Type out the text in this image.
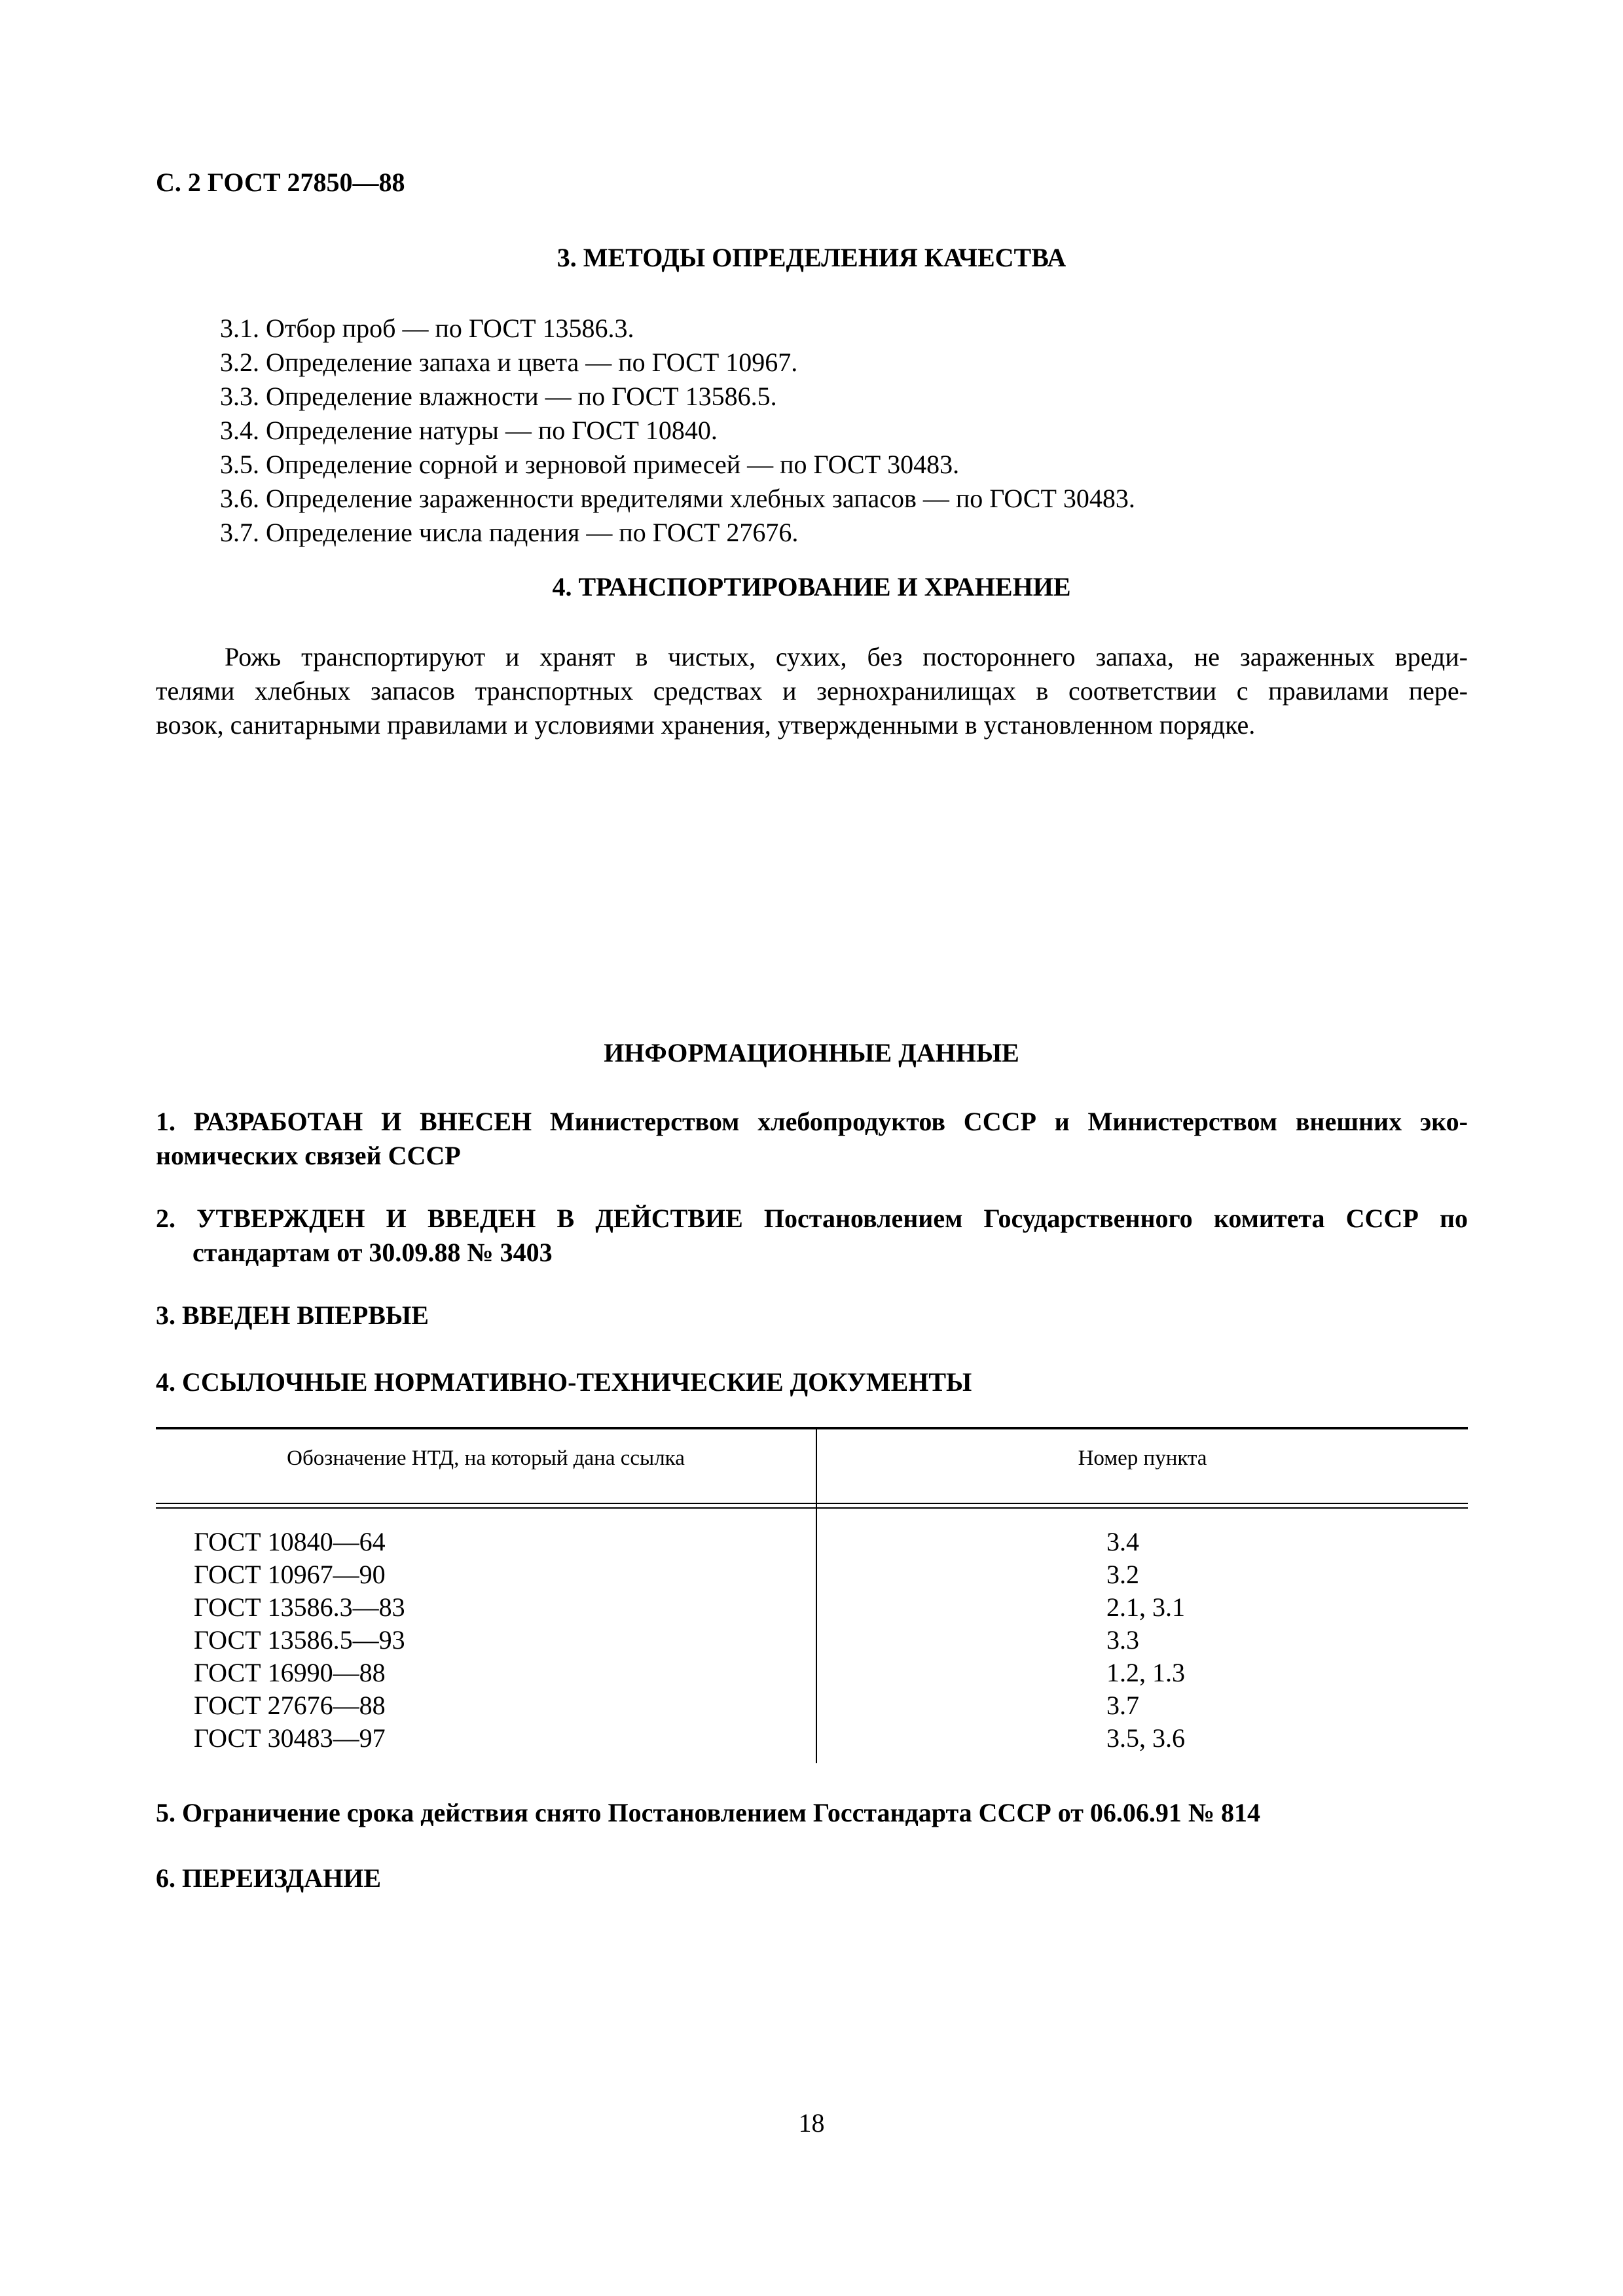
С. 2 ГОСТ 27850—88
3. МЕТОДЫ ОПРЕДЕЛЕНИЯ КАЧЕСТВА
3.1. Отбор проб — по ГОСТ 13586.3.
3.2. Определение запаха и цвета — по ГОСТ 10967.
3.3. Определение влажности — по ГОСТ 13586.5.
3.4. Определение натуры — по ГОСТ 10840.
3.5. Определение сорной и зерновой примесей — по ГОСТ 30483.
3.6. Определение зараженности вредителями хлебных запасов — по ГОСТ 30483.
3.7. Определение числа падения — по ГОСТ 27676.
4. ТРАНСПОРТИРОВАНИЕ И ХРАНЕНИЕ
Рожь транспортируют и хранят в чистых, сухих, без постороннего запаха, не зараженных вреди-
телями хлебных запасов транспортных средствах и зернохранилищах в соответствии с правилами пере-
возок, санитарными правилами и условиями хранения, утвержденными в установленном порядке.
ИНФОРМАЦИОННЫЕ ДАННЫЕ
1. РАЗРАБОТАН И ВНЕСЕН Министерством хлебопродуктов СССР и Министерством внешних эко-
номических связей СССР
2. УТВЕРЖДЕН И ВВЕДЕН В ДЕЙСТВИЕ Постановлением Государственного комитета СССР по
стандартам от 30.09.88 № 3403
3. ВВЕДЕН ВПЕРВЫЕ
4. ССЫЛОЧНЫЕ НОРМАТИВНО-ТЕХНИЧЕСКИЕ ДОКУМЕНТЫ
Обозначение НТД, на который дана ссылка	Номер пункта
ГОСТ 10840—64	3.4
ГОСТ 10967—90	3.2
ГОСТ 13586.3—83	2.1, 3.1
ГОСТ 13586.5—93	3.3
ГОСТ 16990—88	1.2, 1.3
ГОСТ 27676—88	3.7
ГОСТ 30483—97	3.5, 3.6
5. Ограничение срока действия снято Постановлением Госстандарта СССР от 06.06.91 № 814
6. ПЕРЕИЗДАНИЕ
18
